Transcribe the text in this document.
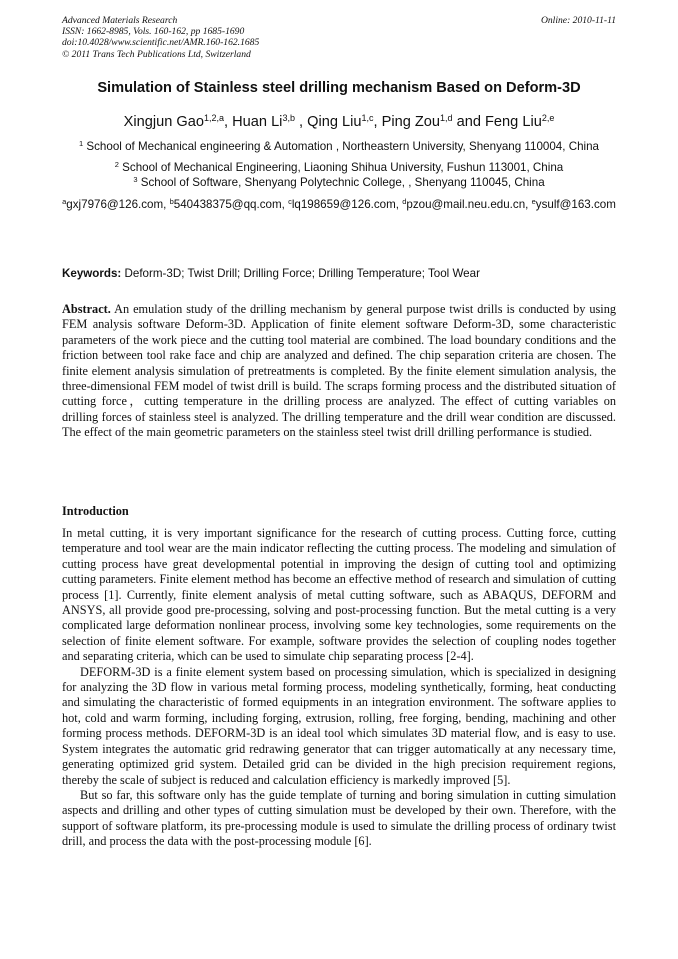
Advanced Materials Research
ISSN: 1662-8985, Vols. 160-162, pp 1685-1690
doi:10.4028/www.scientific.net/AMR.160-162.1685
© 2011 Trans Tech Publications Ltd, Switzerland
Online: 2010-11-11
Simulation of Stainless steel drilling mechanism Based on Deform-3D
Xingjun Gao$^{1,2,a}$, Huan Li$^{3,b}$ , Qing Liu$^{1,c}$, Ping Zou$^{1,d}$ and Feng Liu$^{2,e}$

$^1$ School of Mechanical engineering & Automation , Northeastern University, Shenyang 110004, China

$^2$ School of Mechanical Engineering, Liaoning Shihua University, Fushun 113001, China

$^3$ School of Software, Shenyang Polytechnic College, , Shenyang 110045, China

$^a$gxj7976@126.com, $^b$540438375@qq.com, $^c$lq198659@126.com, $^d$pzou@mail.neu.edu.cn, $^e$ysulf@163.com

Keywords: Deform-3D; Twist Drill; Drilling Force; Drilling Temperature; Tool Wear

Abstract. An emulation study of the drilling mechanism by general purpose twist drills is conducted by using FEM analysis software Deform-3D. Application of finite element software Deform-3D, some characteristic parameters of the work piece and the cutting tool material are combined. The load boundary conditions and the friction between tool rake face and chip are analyzed and defined. The chip separation criteria are chosen. The finite element analysis simulation of pretreatments is completed. By the finite element simulation analysis, the three-dimensional FEM model of twist drill is build. The scraps forming process and the distributed situation of cutting force，cutting temperature in the drilling process are analyzed. The effect of cutting variables on drilling forces of stainless steel is analyzed. The drilling temperature and the drill wear condition are discussed. The effect of the main geometric parameters on the stainless steel twist drill drilling performance is studied.

Introduction

In metal cutting, it is very important significance for the research of cutting process. Cutting force, cutting temperature and tool wear are the main indicator reflecting the cutting process. The modeling and simulation of cutting process have great developmental potential in improving the design of cutting tool and optimizing cutting parameters. Finite element method has become an effective method of research and simulation of cutting process [1]. Currently, finite element analysis of metal cutting software, such as ABAQUS, DEFORM and ANSYS, all provide good pre-processing, solving and post-processing function. But the metal cutting is a very complicated large deformation nonlinear process, involving some key technologies, some requirements on the selection of finite element software. For example, software provides the selection of coupling nodes together and separating criteria, which can be used to simulate chip separating process [2-4].

DEFORM-3D is a finite element system based on processing simulation, which is specialized in designing for analyzing the 3D flow in various metal forming process, modeling synthetically, forming, heat conducting and simulating the characteristic of formed equipments in an integration environment. The software applies to hot, cold and warm forming, including forging, extrusion, rolling, free forging, bending, machining and other forming process methods. DEFORM-3D is an ideal tool which simulates 3D material flow, and is easy to use. System integrates the automatic grid redrawing generator that can trigger automatically at any necessary time, generating optimized grid system. Detailed grid can be divided in the high precision requirement regions, thereby the scale of subject is reduced and calculation efficiency is markedly improved [5].

But so far, this software only has the guide template of turning and boring simulation in cutting simulation aspects and drilling and other types of cutting simulation must be developed by their own. Therefore, with the support of software platform, its pre-processing module is used to simulate the drilling process of ordinary twist drill, and process the data with the post-processing module [6].
